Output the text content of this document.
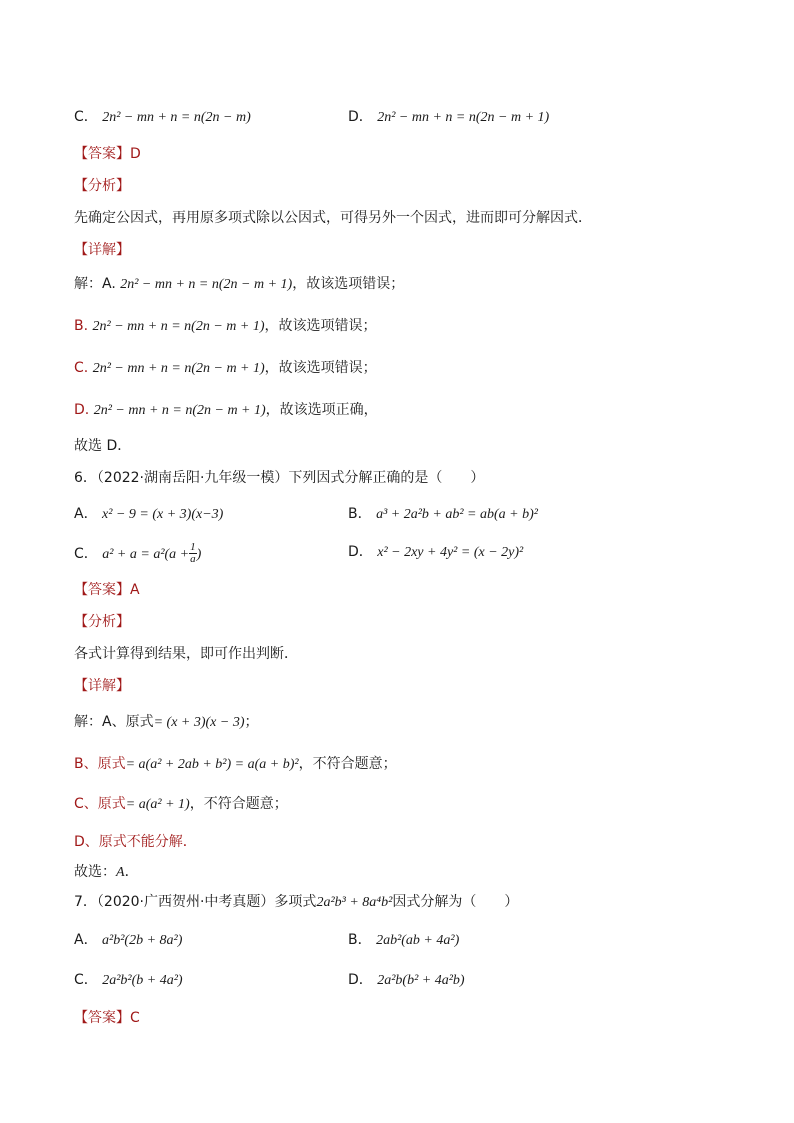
C． 2n² − mn + n = n(2n − m)	D． 2n² − mn + n = n(2n − m + 1)
【答案】D
【分析】
先确定公因式，再用原多项式除以公因式，可得另外一个因式，进而即可分解因式．
【详解】
解：A. 2n² − mn + n = n(2n − m + 1)，故该选项错误；
B. 2n² − mn + n = n(2n − m + 1)，故该选项错误；
C. 2n² − mn + n = n(2n − m + 1)，故该选项错误；
D. 2n² − mn + n = n(2n − m + 1)，故该选项正确，
故选 D．
6．（2022·湖南岳阳·九年级一模）下列因式分解正确的是（　　）
A． x² − 9 = (x + 3)(x−3)	B． a³ + 2a²b + ab² = ab(a + b)²
C． $a^2 + a = a^2(a + \frac{1}{a}$ )	D． x² − 2xy + 4y² = (x − 2y)²
【答案】A
【分析】
各式计算得到结果，即可作出判断．
【详解】
解：A、原式= (x + 3)(x − 3)；
B、原式= a(a² + 2ab + b²) = a(a + b)²，不符合题意；
C、原式= a(a² + 1)，不符合题意；
D、原式不能分解．
故选：A．
7．（2020·广西贺州·中考真题）多项式2a²b³ + 8a⁴b²因式分解为（　　）
A． a²b²(2b + 8a²)	B． 2ab²(ab + 4a²)
C． 2a²b²(b + 4a²)	D． 2a²b(b² + 4a²b)
【答案】C
